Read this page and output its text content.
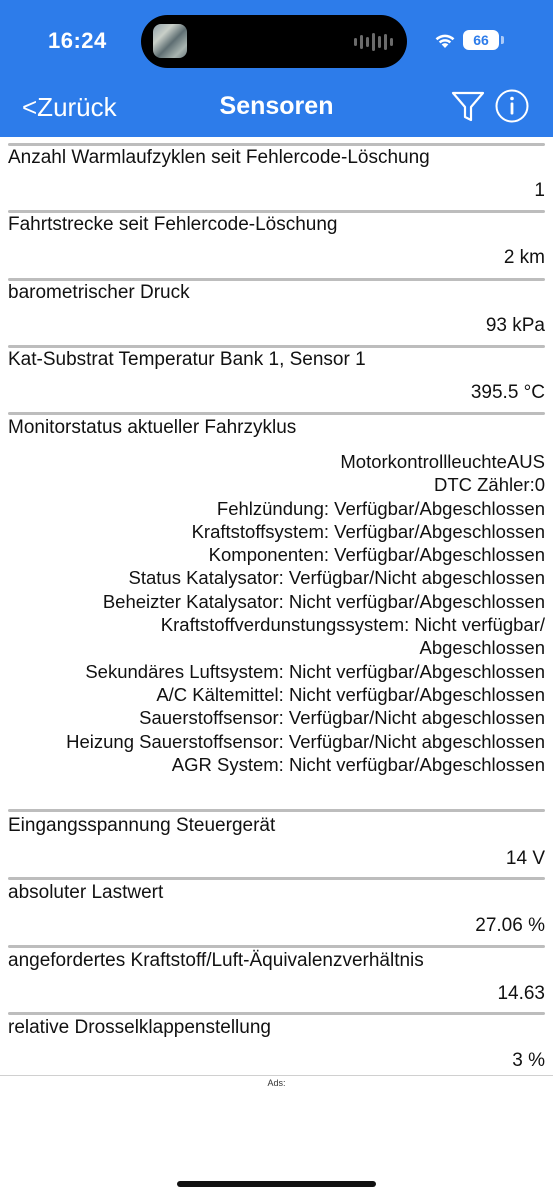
16:24	66
<Zurück	Sensoren
Anzahl Warmlaufzyklen seit Fehlercode-Löschung
1
Fahrtstrecke seit Fehlercode-Löschung
2 km
barometrischer Druck
93 kPa
Kat-Substrat Temperatur Bank 1, Sensor 1
395.5 °C
Monitorstatus aktueller Fahrzyklus
MotorkontrollleuchteAUS
DTC Zähler:0
Fehlzündung: Verfügbar/Abgeschlossen
Kraftstoffsystem: Verfügbar/Abgeschlossen
Komponenten: Verfügbar/Abgeschlossen
Status Katalysator: Verfügbar/Nicht abgeschlossen
Beheizter Katalysator: Nicht verfügbar/Abgeschlossen
Kraftstoffverdunstungssystem: Nicht verfügbar/
Abgeschlossen
Sekundäres Luftsystem: Nicht verfügbar/Abgeschlossen
A/C Kältemittel: Nicht verfügbar/Abgeschlossen
Sauerstoffsensor: Verfügbar/Nicht abgeschlossen
Heizung Sauerstoffsensor: Verfügbar/Nicht abgeschlossen
AGR System: Nicht verfügbar/Abgeschlossen
Eingangsspannung Steuergerät
14 V
absoluter Lastwert
27.06 %
angefordertes Kraftstoff/Luft-Äquivalenzverhältnis
14.63
relative Drosselklappenstellung
3 %
Ads:
